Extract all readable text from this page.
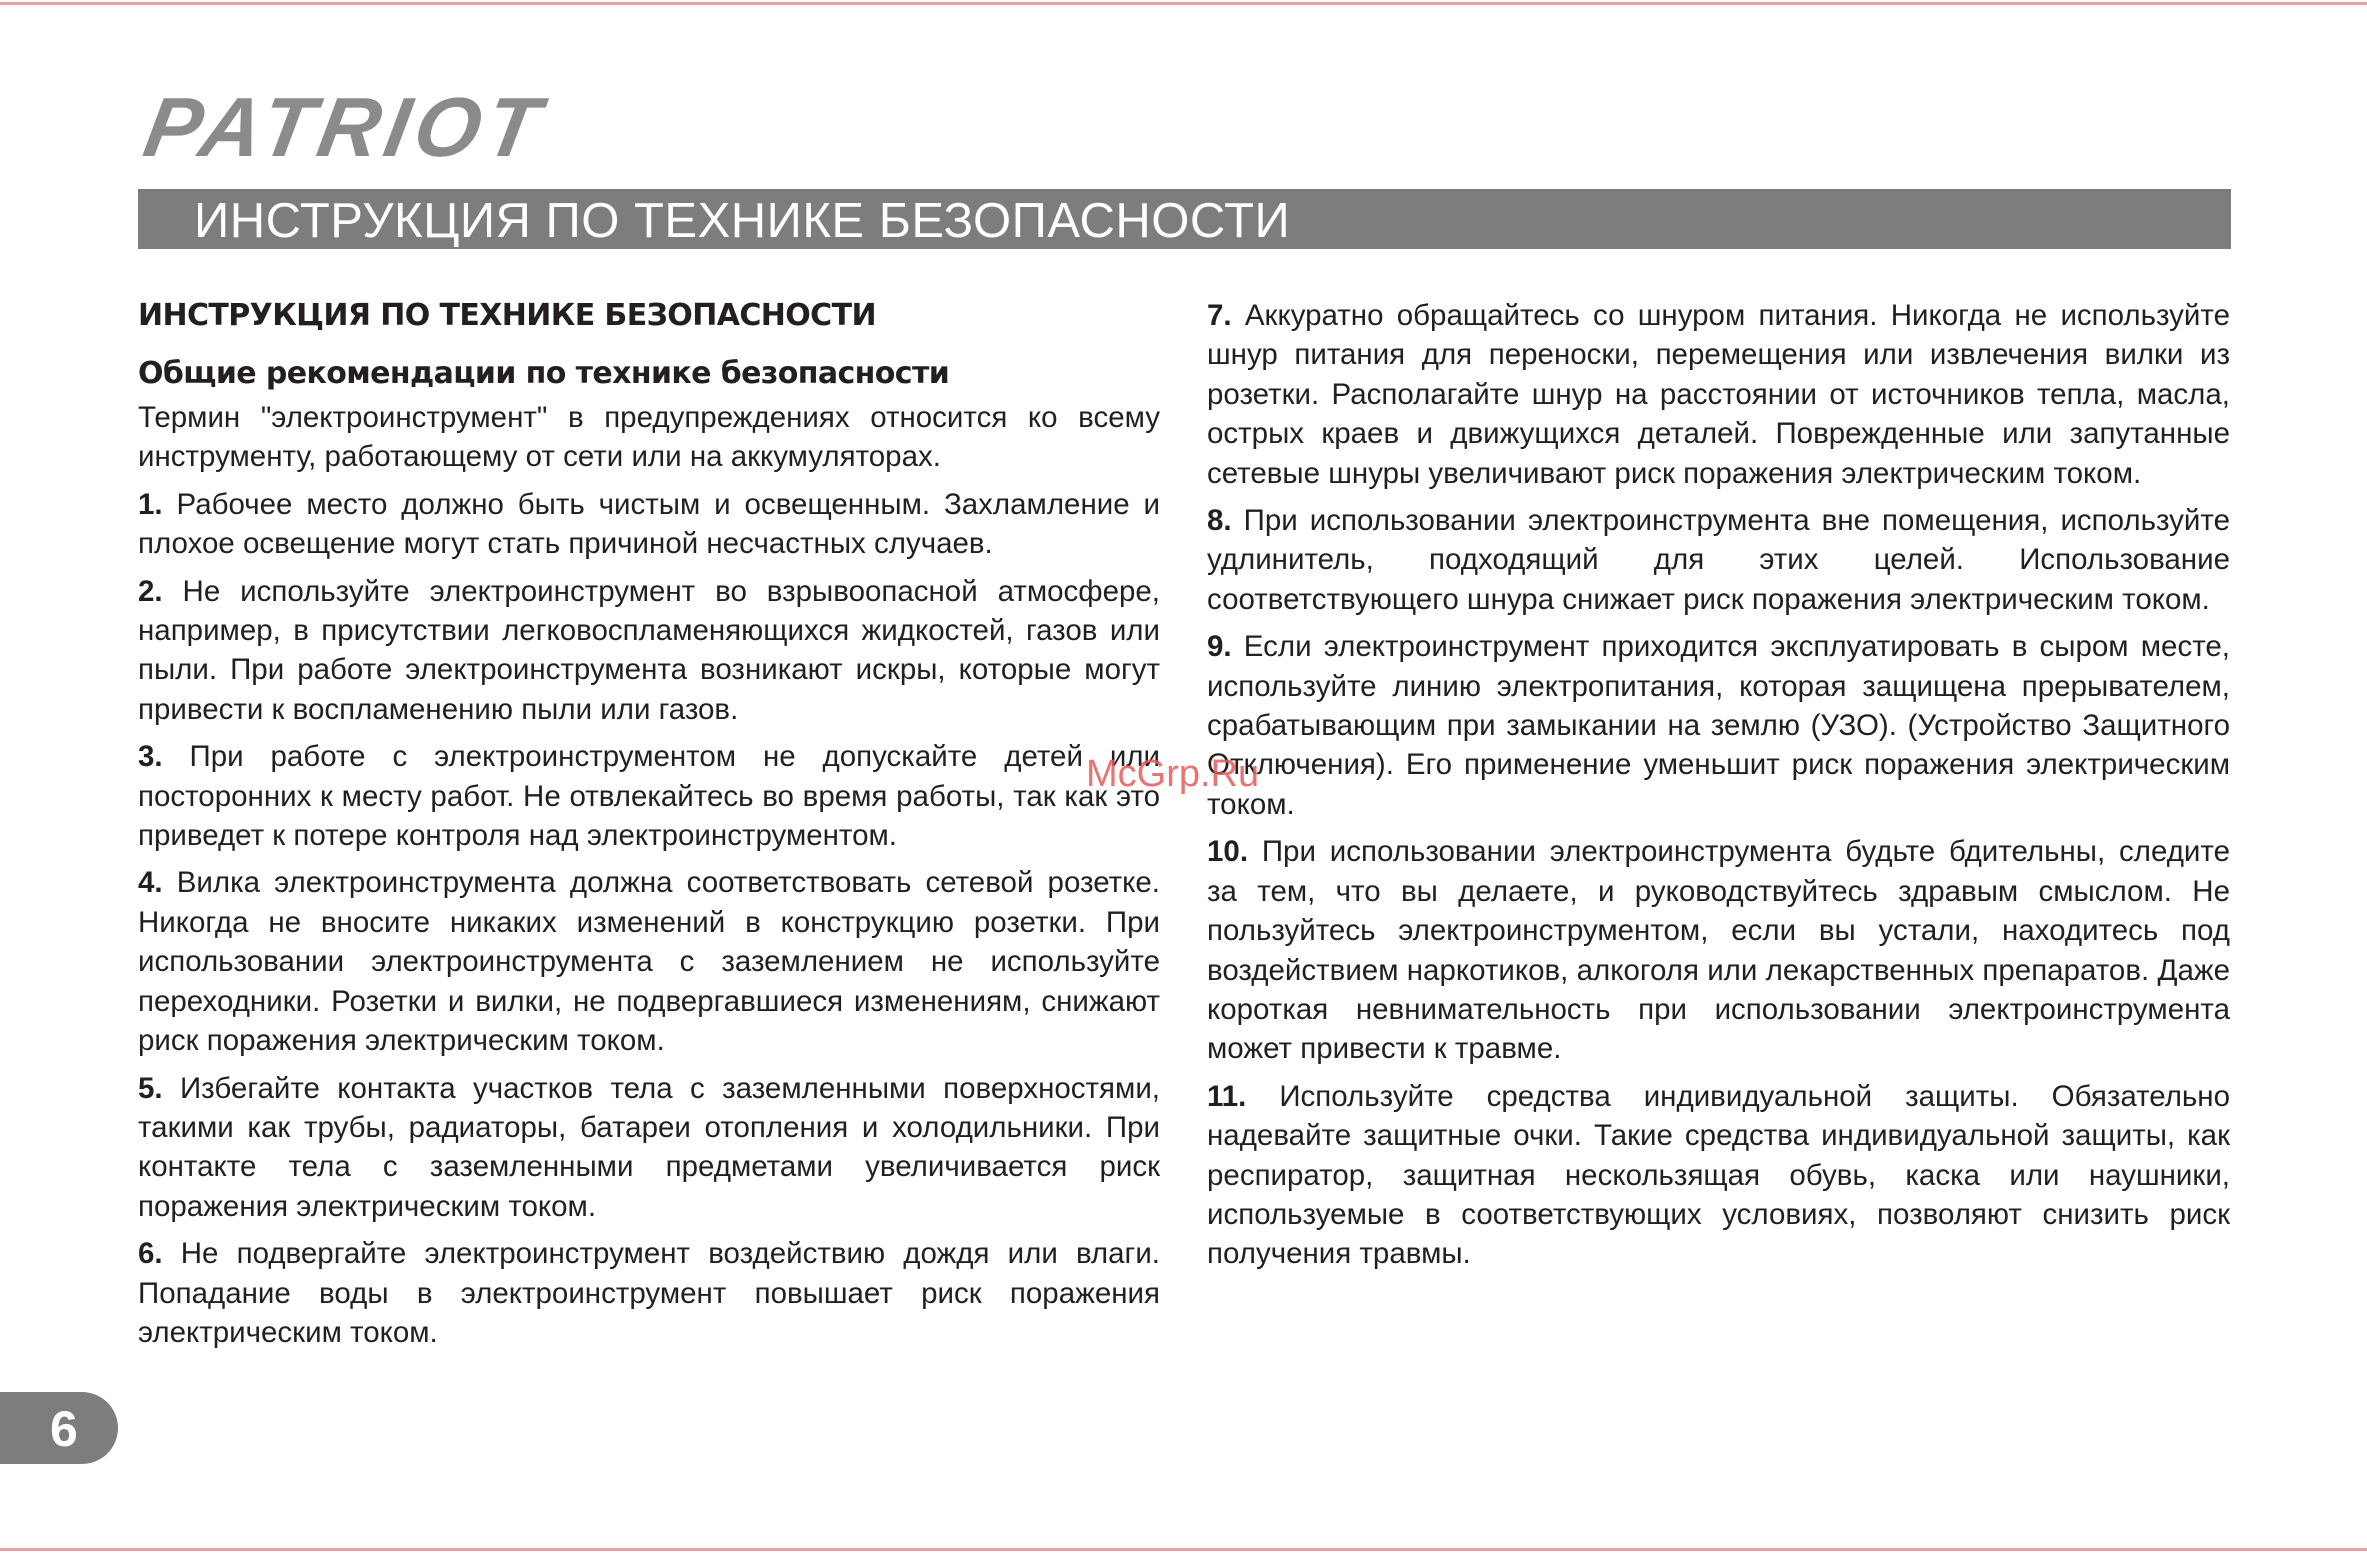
PATRIOT
ИНСТРУКЦИЯ ПО ТЕХНИКЕ БЕЗОПАСНОСТИ

ИНСТРУКЦИЯ ПО ТЕХНИКЕ БЕЗОПАСНОСТИ

Общие рекомендации по технике безопасности

Термин "электроинструмент" в предупреждениях относится ко всему инструменту, работающему от сети или на аккумуляторах.

1. Рабочее место должно быть чистым и освещенным. Захламление и плохое освещение могут стать причиной несчастных случаев.

2. Не используйте электроинструмент во взрывоопасной атмосфере, например, в присутствии легковоспламеняющихся жидкостей, газов или пыли. При работе электроинструмента возникают искры, которые могут привести к воспламенению пыли или газов.

3. При работе с электроинструментом не допускайте детей или посторонних к месту работ. Не отвлекайтесь во время работы, так как это приведет к потере контроля над электроинструментом.

4. Вилка электроинструмента должна соответствовать сетевой розетке. Никогда не вносите никаких изменений в конструкцию розетки. При использовании электроинструмента с заземлением не используйте переходники. Розетки и вилки, не подвергавшиеся изменениям, снижают риск поражения электрическим током.

5. Избегайте контакта участков тела с заземленными поверхностями, такими как трубы, радиаторы, батареи отопления и холодильники. При контакте тела с заземленными предметами увеличивается риск поражения электрическим током.

6. Не подвергайте электроинструмент воздействию дождя или влаги. Попадание воды в электроинструмент повышает риск поражения электрическим током.

7. Аккуратно обращайтесь со шнуром питания. Никогда не используйте шнур питания для переноски, перемещения или извлечения вилки из розетки. Располагайте шнур на расстоянии от источников тепла, масла, острых краев и движущихся деталей. Поврежденные или запутанные сетевые шнуры увеличивают риск поражения электрическим током.

8. При использовании электроинструмента вне помещения, используйте удлинитель, подходящий для этих целей. Использование соответствующего шнура снижает риск поражения электрическим током.

9. Если электроинструмент приходится эксплуатировать в сыром месте, используйте линию электропитания, которая защищена прерывателем, срабатывающим при замыкании на землю (УЗО). (Устройство Защитного Отключения). Его применение уменьшит риск поражения электрическим током.

10. При использовании электроинструмента будьте бдительны, следите за тем, что вы делаете, и руководствуйтесь здравым смыслом. Не пользуйтесь электроинструментом, если вы устали, находитесь под воздействием наркотиков, алкоголя или лекарственных препаратов. Даже короткая невнимательность при использовании электроинструмента может привести к травме.

11. Используйте средства индивидуальной защиты. Обязательно надевайте защитные очки. Такие средства индивидуальной защиты, как респиратор, защитная нескользящая обувь, каска или наушники, используемые в соответствующих условиях, позволяют снизить риск получения травмы.

McGrp.Ru
6
